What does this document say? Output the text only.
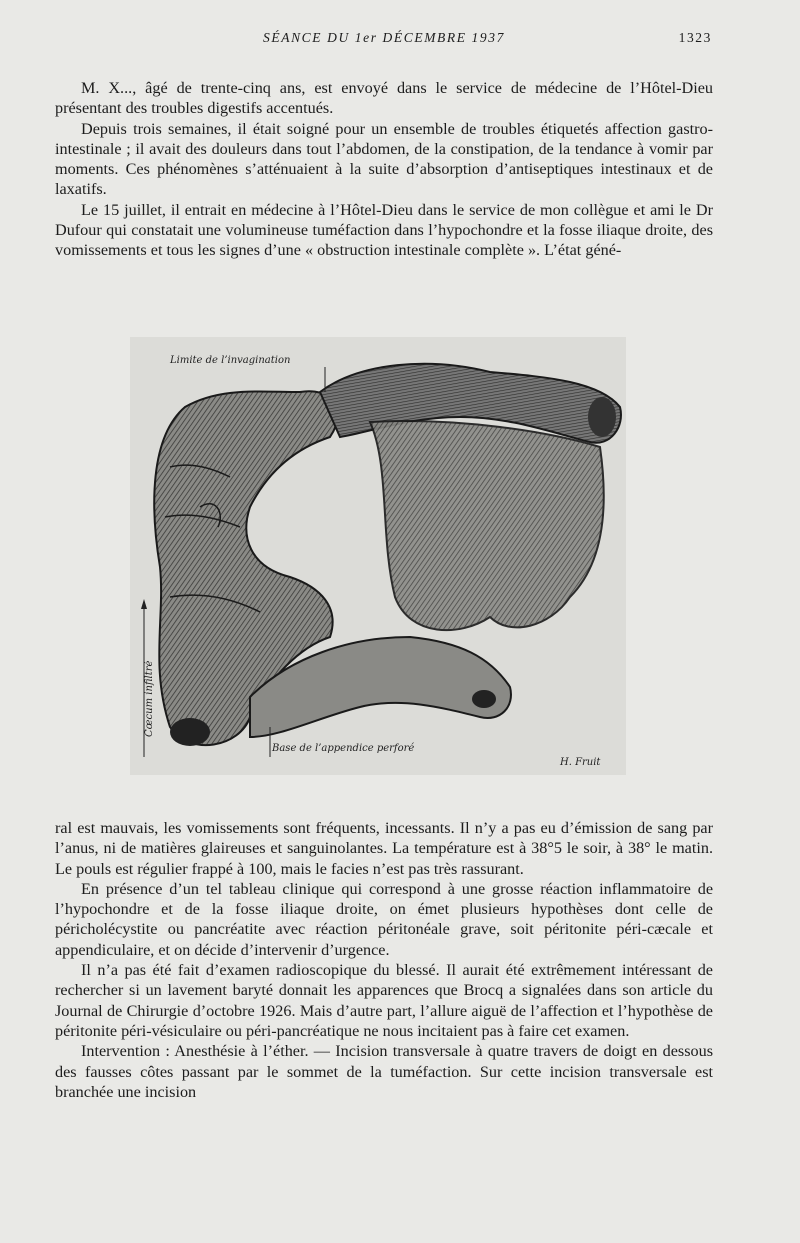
SÉANCE DU 1er DÉCEMBRE 1937	1323

M. X..., âgé de trente-cinq ans, est envoyé dans le service de médecine de l’Hôtel-Dieu présentant des troubles digestifs accentués.

Depuis trois semaines, il était soigné pour un ensemble de troubles étiquetés affection gastro-intestinale ; il avait des douleurs dans tout l’abdomen, de la constipation, de la tendance à vomir par moments. Ces phénomènes s’atténuaient à la suite d’absorption d’antiseptiques intestinaux et de laxatifs.

Le 15 juillet, il entrait en médecine à l’Hôtel-Dieu dans le service de mon collègue et ami le Dr Dufour qui constatait une volumineuse tuméfaction dans l’hypochondre et la fosse iliaque droite, des vomissements et tous les signes d’une « obstruction intestinale complète ». L’état géné-

Limite de l’invagination
Base de l’appendice perforé
H. Fruit
Cœcum infiltré

ral est mauvais, les vomissements sont fréquents, incessants. Il n’y a pas eu d’émission de sang par l’anus, ni de matières glaireuses et sanguinolantes. La température est à 38°5 le soir, à 38° le matin. Le pouls est régulier frappé à 100, mais le facies n’est pas très rassurant.

En présence d’un tel tableau clinique qui correspond à une grosse réaction inflammatoire de l’hypochondre et de la fosse iliaque droite, on émet plusieurs hypothèses dont celle de péricholécystite ou pancréatite avec réaction péritonéale grave, soit péritonite péri-cæcale et appendiculaire, et on décide d’intervenir d’urgence.

Il n’a pas été fait d’examen radioscopique du blessé. Il aurait été extrêmement intéressant de rechercher si un lavement baryté donnait les apparences que Brocq a signalées dans son article du Journal de Chirurgie d’octobre 1926. Mais d’autre part, l’allure aiguë de l’affection et l’hypothèse de péritonite péri-vésiculaire ou péri-pancréatique ne nous incitaient pas à faire cet examen.

Intervention : Anesthésie à l’éther. — Incision transversale à quatre travers de doigt en dessous des fausses côtes passant par le sommet de la tuméfaction. Sur cette incision transversale est branchée une incision
